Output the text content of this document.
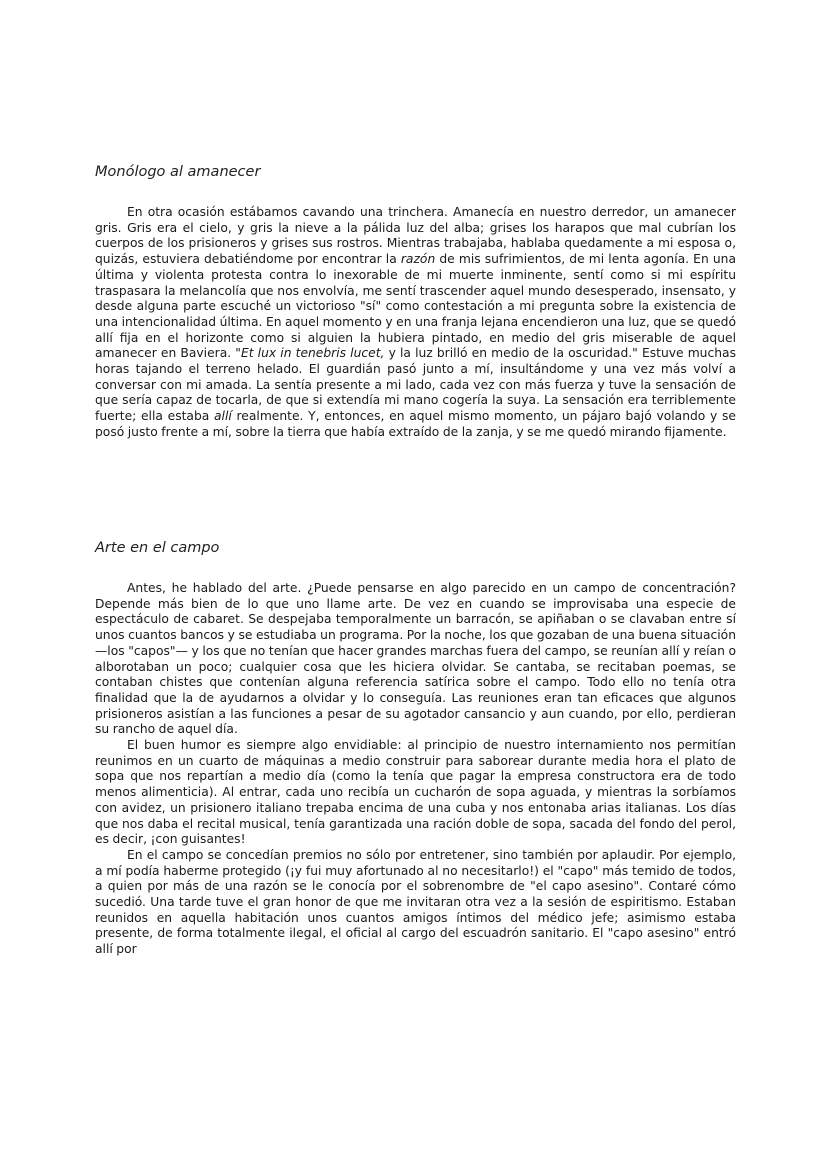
Monólogo al amanecer

En otra ocasión estábamos cavando una trinchera. Amanecía en nuestro derredor, un amanecer gris. Gris era el cielo, y gris la nieve a la pálida luz del alba; grises los harapos que mal cubrían los cuerpos de los prisioneros y grises sus rostros. Mientras trabajaba, hablaba quedamente a mi esposa o, quizás, estuviera debatiéndome por encontrar la razón de mis sufrimientos, de mi lenta agonía. En una última y violenta protesta contra lo inexorable de mi muerte inminente, sentí como si mi espíritu traspasara la melancolía que nos envolvía, me sentí trascender aquel mundo desesperado, insensato, y desde alguna parte escuché un victorioso "sí" como contestación a mi pregunta sobre la existencia de una intencionalidad última. En aquel momento y en una franja lejana encendieron una luz, que se quedó allí fija en el horizonte como si alguien la hubiera pintado, en medio del gris miserable de aquel amanecer en Baviera. "Et lux in tenebris lucet, y la luz brilló en medio de la oscuridad." Estuve muchas horas tajando el terreno helado. El guardián pasó junto a mí, insultándome y una vez más volví a conversar con mi amada. La sentía presente a mi lado, cada vez con más fuerza y tuve la sensación de que sería capaz de tocarla, de que si extendía mi mano cogería la suya. La sensación era terriblemente fuerte; ella estaba allí realmente. Y, entonces, en aquel mismo momento, un pájaro bajó volando y se posó justo frente a mí, sobre la tierra que había extraído de la zanja, y se me quedó mirando fijamente.

Arte en el campo

Antes, he hablado del arte. ¿Puede pensarse en algo parecido en un campo de concentración? Depende más bien de lo que uno llame arte. De vez en cuando se improvisaba una especie de espectáculo de cabaret. Se despejaba temporalmente un barracón, se apiñaban o se clavaban entre sí unos cuantos bancos y se estudiaba un programa. Por la noche, los que gozaban de una buena situación —los "capos"— y los que no tenían que hacer grandes marchas fuera del campo, se reunían allí y reían o alborotaban un poco; cualquier cosa que les hiciera olvidar. Se cantaba, se recitaban poemas, se contaban chistes que contenían alguna referencia satírica sobre el campo. Todo ello no tenía otra finalidad que la de ayudarnos a olvidar y lo conseguía. Las reuniones eran tan eficaces que algunos prisioneros asistían a las funciones a pesar de su agotador cansancio y aun cuando, por ello, perdieran su rancho de aquel día.

El buen humor es siempre algo envidiable: al principio de nuestro internamiento nos permitían reunimos en un cuarto de máquinas a medio construir para saborear durante media hora el plato de sopa que nos repartían a medio día (como la tenía que pagar la empresa constructora era de todo menos alimenticia). Al entrar, cada uno recibía un cucharón de sopa aguada, y mientras la sorbíamos con avidez, un prisionero italiano trepaba encima de una cuba y nos entonaba arias italianas. Los días que nos daba el recital musical, tenía garantizada una ración doble de sopa, sacada del fondo del perol, es decir, ¡con guisantes!

En el campo se concedían premios no sólo por entretener, sino también por aplaudir. Por ejemplo, a mí podía haberme protegido (¡y fui muy afortunado al no necesitarlo!) el "capo" más temido de todos, a quien por más de una razón se le conocía por el sobrenombre de "el capo asesino". Contaré cómo sucedió. Una tarde tuve el gran honor de que me invitaran otra vez a la sesión de espiritismo. Estaban reunidos en aquella habitación unos cuantos amigos íntimos del médico jefe; asimismo estaba presente, de forma totalmente ilegal, el oficial al cargo del escuadrón sanitario. El "capo asesino" entró allí por
